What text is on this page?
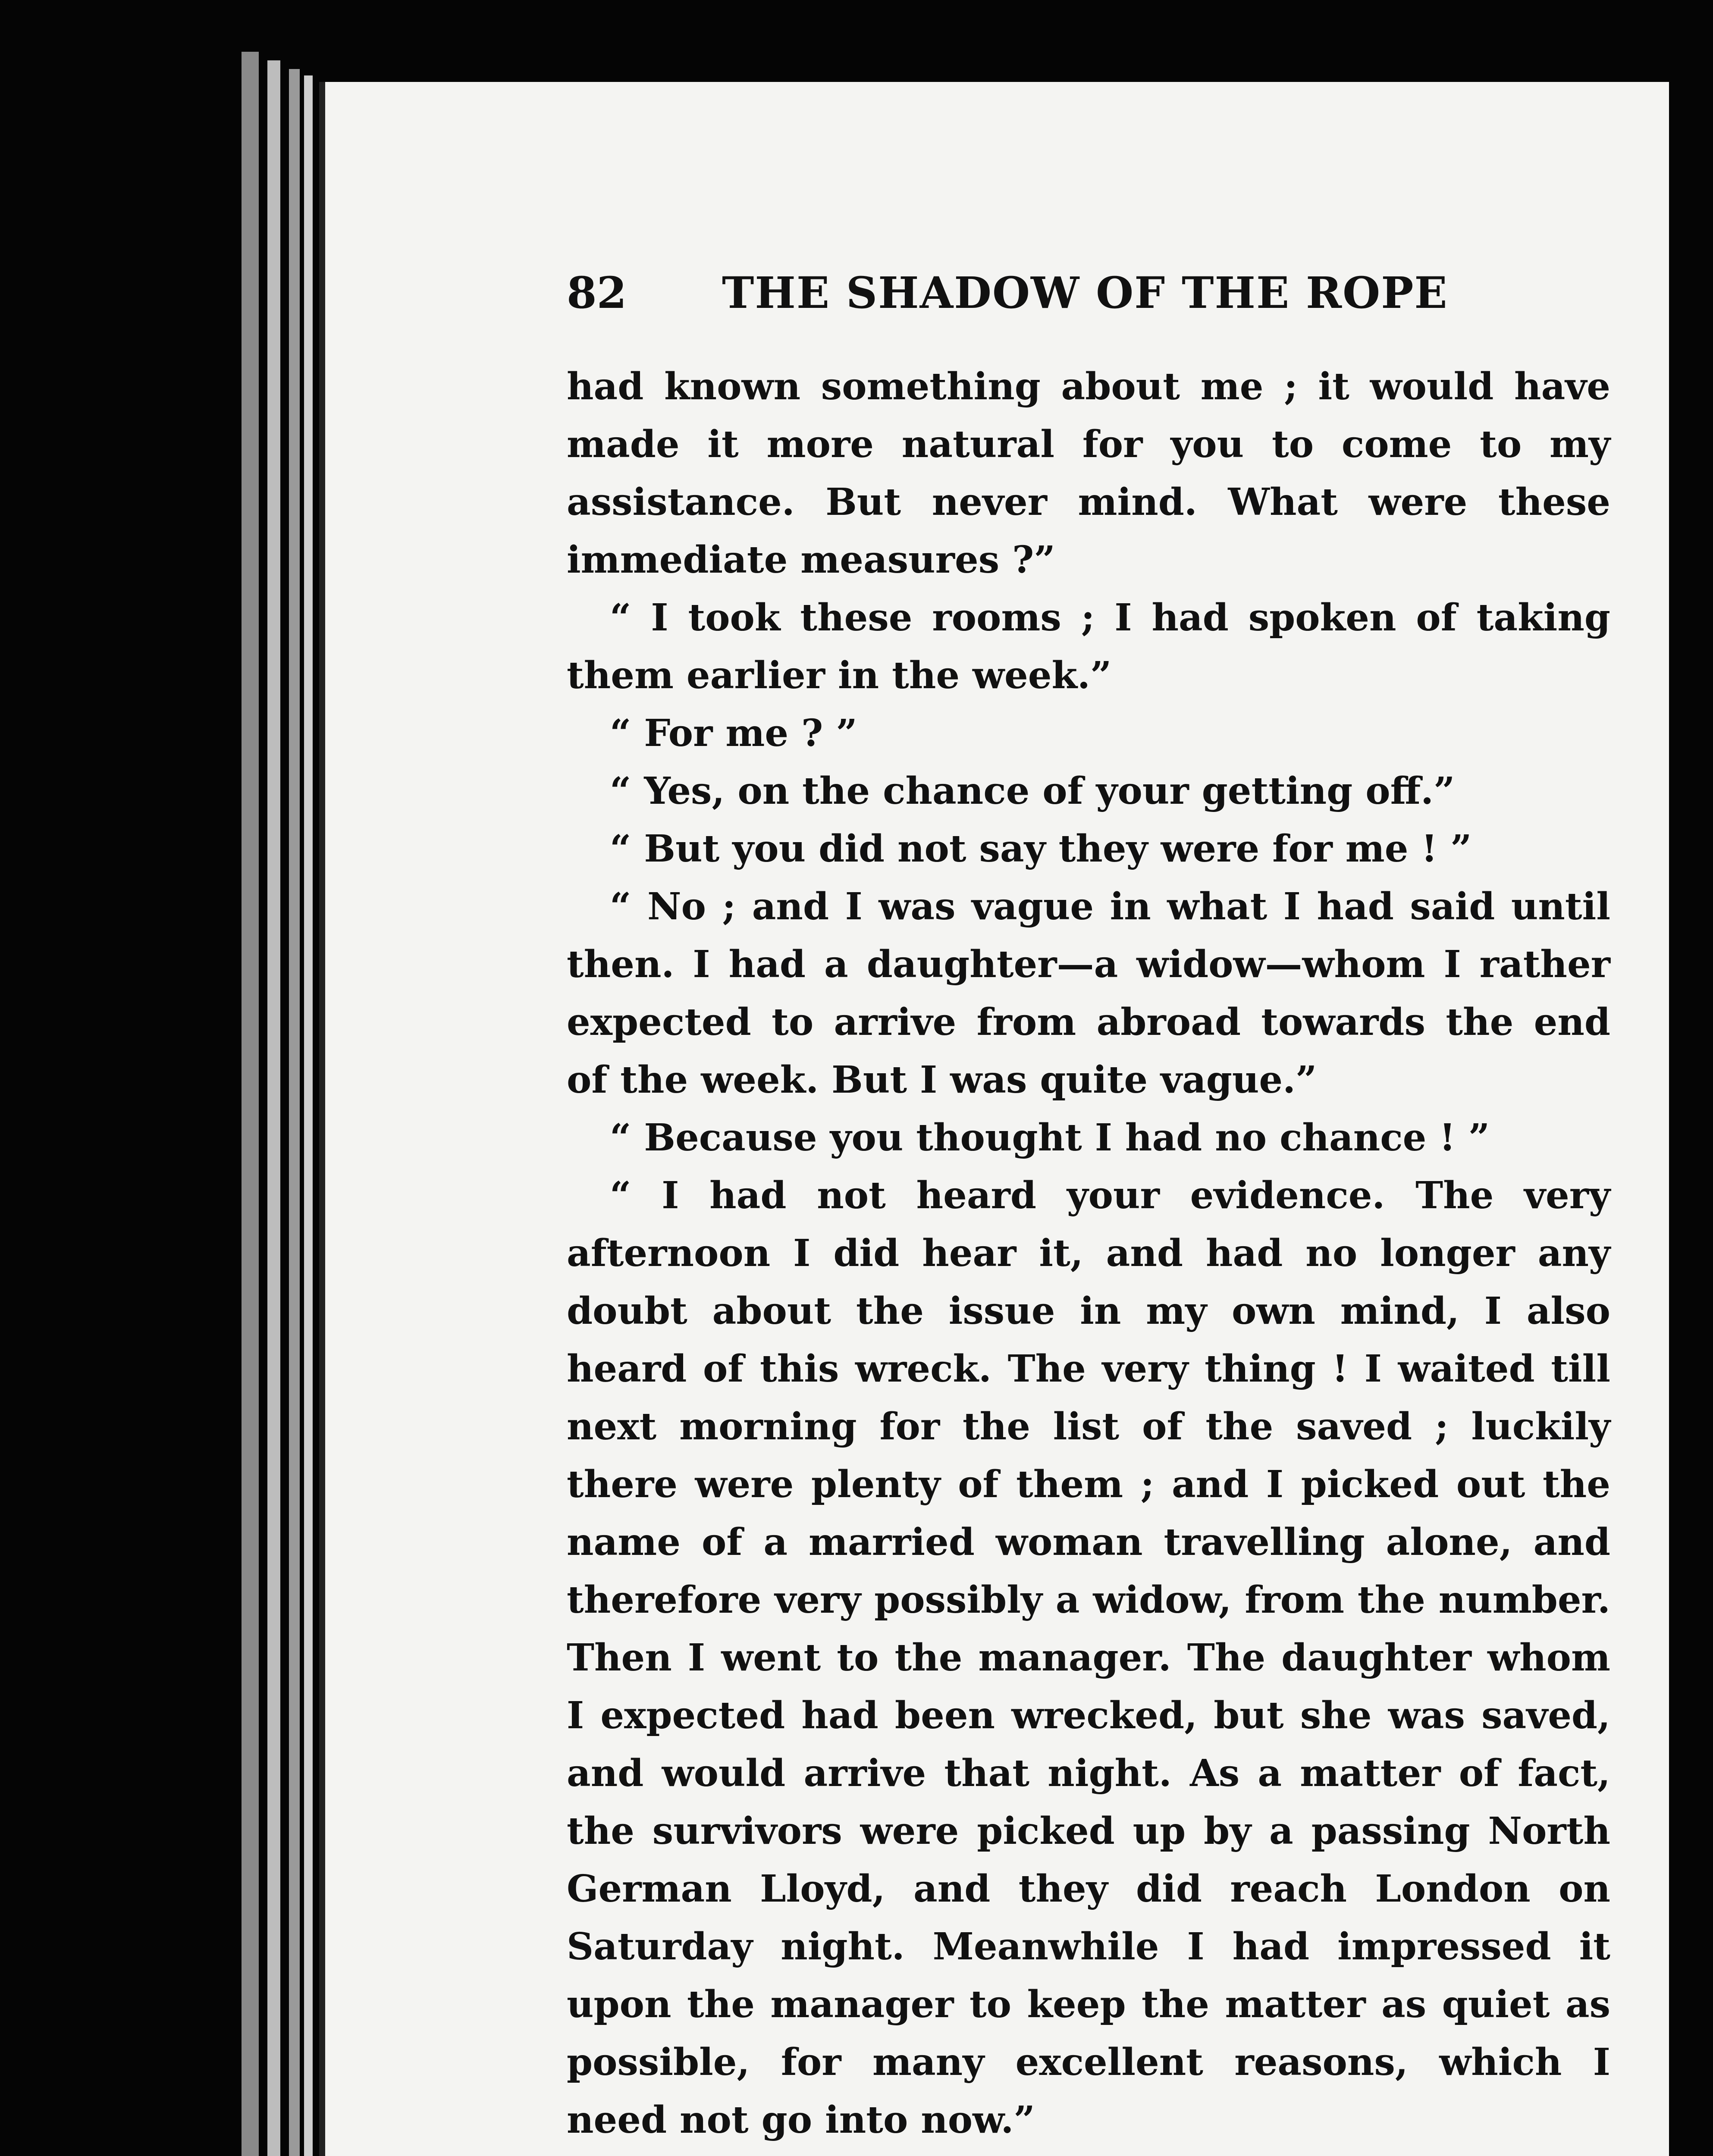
82 THE SHADOW OF THE ROPE

had known something about me ; it would have made it more natural for you to come to my assistance. But never mind. What were these immediate measures ?”

“ I took these rooms ; I had spoken of taking them earlier in the week.”

“ For me ? ”

“ Yes, on the chance of your getting off.”

“ But you did not say they were for me ! ”

“ No ; and I was vague in what I had said until then. I had a daughter—a widow—whom I rather expected to arrive from abroad towards the end of the week. But I was quite vague.”

“ Because you thought I had no chance ! ”

“ I had not heard your evidence. The very afternoon I did hear it, and had no longer any doubt about the issue in my own mind, I also heard of this wreck. The very thing ! I waited till next morning for the list of the saved ; luckily there were plenty of them ; and I picked out the name of a married woman travelling alone, and therefore very possibly a widow, from the number. Then I went to the manager. The daughter whom I expected had been wrecked, but she was saved, and would arrive that night. As a matter of fact, the survivors were picked up by a passing North German Lloyd, and they did reach London on Saturday night. Meanwhile I had impressed it upon the manager to keep the matter as quiet as possible, for many excellent reasons, which I need not go into now.”
